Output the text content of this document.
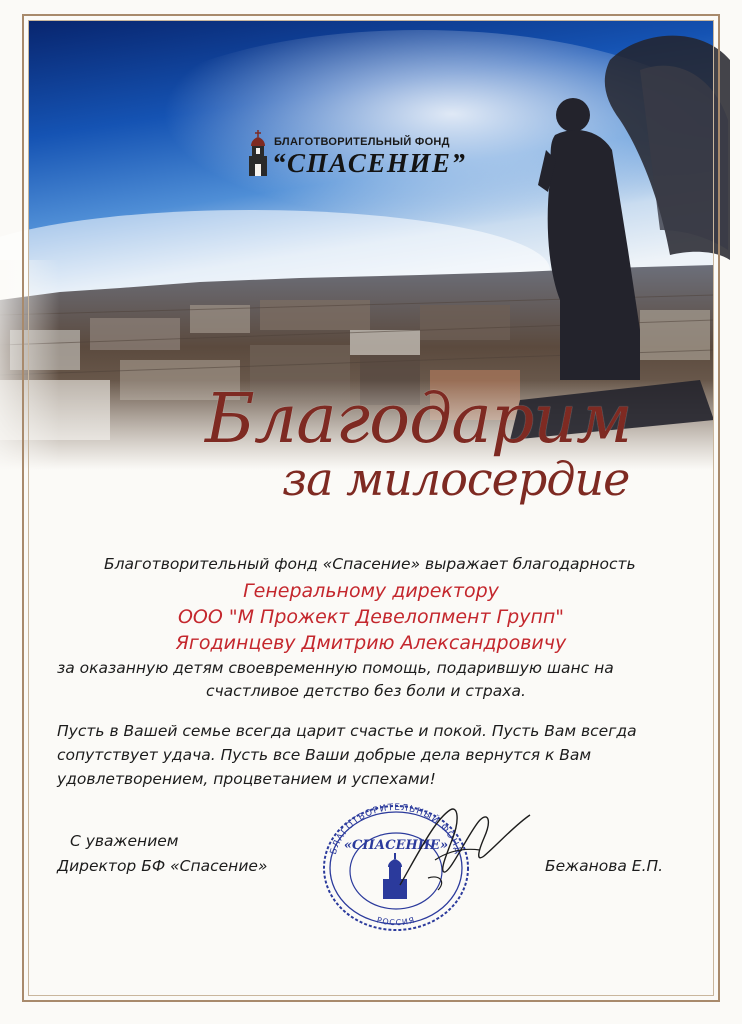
БЛАГОТВОРИТЕЛЬНЫЙ ФОНД
“СПАСЕНИЕ”
Благодарим
за милосердие
Благотворительный фонд «Спасение» выражает благодарность
Генеральному директору
ООО "М Прожект Девелопмент Групп"
Ягодинцеву Дмитрию Александровичу
за оказанную детям своевременную помощь, подарившую шанс на
счастливое детство без боли и страха.
Пусть в Вашей семье всегда царит счастье и покой. Пусть Вам всегда
сопутствует удача. Пусть все Ваши добрые дела вернутся к Вам
удовлетворением, процветанием и успехами!
С уважением
Директор БФ «Спасение»	Бежанова Е.П.
БЛАГОТВОРИТЕЛЬНЫЙ ФОНД
«СПАСЕНИЕ»
РОССИЯ
